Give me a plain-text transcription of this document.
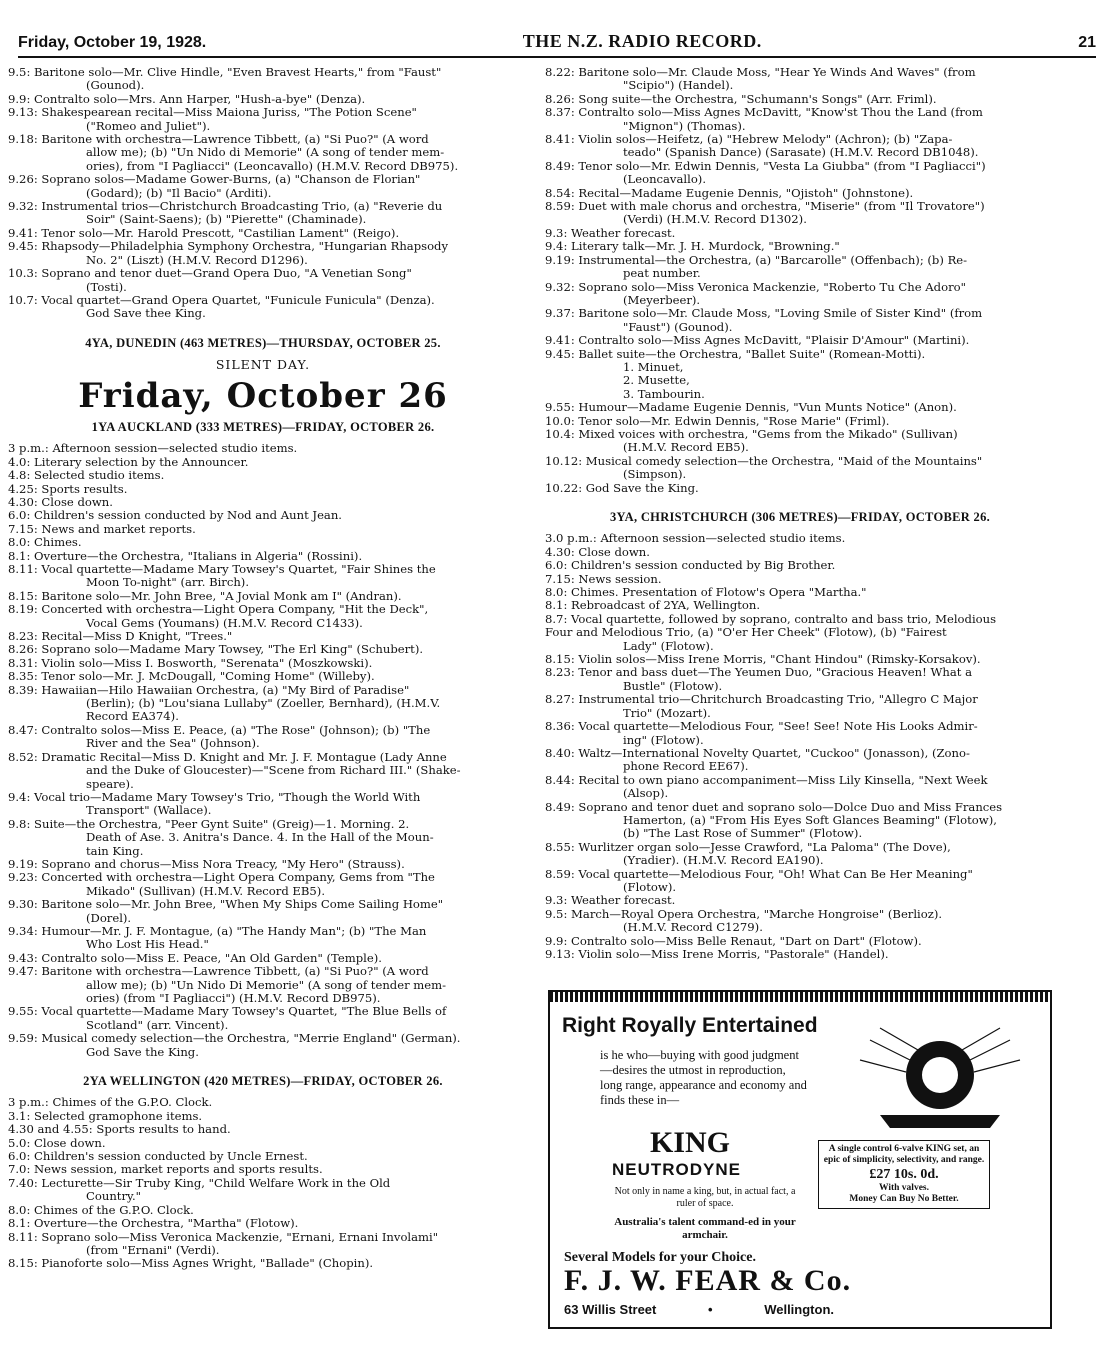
Friday, October 19, 1928.	THE N.Z. RADIO RECORD.	21

9.5: Baritone solo—Mr. Clive Hindle, "Even Bravest Hearts," from "Faust"

(Gounod).

9.9: Contralto solo—Mrs. Ann Harper, "Hush-a-bye" (Denza).

9.13: Shakespearean recital—Miss Maiona Juriss, "The Potion Scene"

("Romeo and Juliet").

9.18: Baritone with orchestra—Lawrence Tibbett, (a) "Si Puo?" (A word

allow me); (b) "Un Nido di Memorie" (A song of tender mem-

ories), from "I Pagliacci" (Leoncavallo) (H.M.V. Record DB975).

9.26: Soprano solos—Madame Gower-Burns, (a) "Chanson de Florian"

(Godard); (b) "Il Bacio" (Arditi).

9.32: Instrumental trios—Christchurch Broadcasting Trio, (a) "Reverie du

Soir" (Saint-Saens); (b) "Pierette" (Chaminade).

9.41: Tenor solo—Mr. Harold Prescott, "Castilian Lament" (Reigo).

9.45: Rhapsody—Philadelphia Symphony Orchestra, "Hungarian Rhapsody

No. 2" (Liszt) (H.M.V. Record D1296).

10.3: Soprano and tenor duet—Grand Opera Duo, "A Venetian Song"

(Tosti).

10.7: Vocal quartet—Grand Opera Quartet, "Funicule Funicula" (Denza).

God Save thee King.

4YA, DUNEDIN (463 METRES)—THURSDAY, OCTOBER 25.
SILENT DAY.
Friday, October 26
1YA AUCKLAND (333 METRES)—FRIDAY, OCTOBER 26.

3 p.m.: Afternoon session—selected studio items.

4.0: Literary selection by the Announcer.

4.8: Selected studio items.

4.25: Sports results.

4.30: Close down.

6.0: Children's session conducted by Nod and Aunt Jean.

7.15: News and market reports.

8.0: Chimes.

8.1: Overture—the Orchestra, "Italians in Algeria" (Rossini).

8.11: Vocal quartette—Madame Mary Towsey's Quartet, "Fair Shines the

Moon To-night" (arr. Birch).

8.15: Baritone solo—Mr. John Bree, "A Jovial Monk am I" (Andran).

8.19: Concerted with orchestra—Light Opera Company, "Hit the Deck",

Vocal Gems (Youmans) (H.M.V. Record C1433).

8.23: Recital—Miss D Knight, "Trees."

8.26: Soprano solo—Madame Mary Towsey, "The Erl King" (Schubert).

8.31: Violin solo—Miss I. Bosworth, "Serenata" (Moszkowski).

8.35: Tenor solo—Mr. J. McDougall, "Coming Home" (Willeby).

8.39: Hawaiian—Hilo Hawaiian Orchestra, (a) "My Bird of Paradise"

(Berlin); (b) "Lou'siana Lullaby" (Zoeller, Bernhard), (H.M.V.

Record EA374).

8.47: Contralto solos—Miss E. Peace, (a) "The Rose" (Johnson); (b) "The

River and the Sea" (Johnson).

8.52: Dramatic Recital—Miss D. Knight and Mr. J. F. Montague (Lady Anne

and the Duke of Gloucester)—"Scene from Richard III." (Shake-

speare).

9.4: Vocal trio—Madame Mary Towsey's Trio, "Though the World With

Transport" (Wallace).

9.8: Suite—the Orchestra, "Peer Gynt Suite" (Greig)—1. Morning. 2.

Death of Ase. 3. Anitra's Dance. 4. In the Hall of the Moun-

tain King.

9.19: Soprano and chorus—Miss Nora Treacy, "My Hero" (Strauss).

9.23: Concerted with orchestra—Light Opera Company, Gems from "The

Mikado" (Sullivan) (H.M.V. Record EB5).

9.30: Baritone solo—Mr. John Bree, "When My Ships Come Sailing Home"

(Dorel).

9.34: Humour—Mr. J. F. Montague, (a) "The Handy Man"; (b) "The Man

Who Lost His Head."

9.43: Contralto solo—Miss E. Peace, "An Old Garden" (Temple).

9.47: Baritone with orchestra—Lawrence Tibbett, (a) "Si Puo?" (A word

allow me); (b) "Un Nido Di Memorie" (A song of tender mem-

ories) (from "I Pagliacci") (H.M.V. Record DB975).

9.55: Vocal quartette—Madame Mary Towsey's Quartet, "The Blue Bells of

Scotland" (arr. Vincent).

9.59: Musical comedy selection—the Orchestra, "Merrie England" (German).

God Save the King.

2YA WELLINGTON (420 METRES)—FRIDAY, OCTOBER 26.

3 p.m.: Chimes of the G.P.O. Clock.

3.1: Selected gramophone items.

4.30 and 4.55: Sports results to hand.

5.0: Close down.

6.0: Children's session conducted by Uncle Ernest.

7.0: News session, market reports and sports results.

7.40: Lecturette—Sir Truby King, "Child Welfare Work in the Old

Country."

8.0: Chimes of the G.P.O. Clock.

8.1: Overture—the Orchestra, "Martha" (Flotow).

8.11: Soprano solo—Miss Veronica Mackenzie, "Ernani, Ernani Involami"

(from "Ernani" (Verdi).

8.15: Pianoforte solo—Miss Agnes Wright, "Ballade" (Chopin).

8.22: Baritone solo—Mr. Claude Moss, "Hear Ye Winds And Waves" (from

"Scipio") (Handel).

8.26: Song suite—the Orchestra, "Schumann's Songs" (Arr. Friml).

8.37: Contralto solo—Miss Agnes McDavitt, "Know'st Thou the Land (from

"Mignon") (Thomas).

8.41: Violin solos—Heifetz, (a) "Hebrew Melody" (Achron); (b) "Zapa-

teado" (Spanish Dance) (Sarasate) (H.M.V. Record DB1048).

8.49: Tenor solo—Mr. Edwin Dennis, "Vesta La Giubba" (from "I Pagliacci")

(Leoncavallo).

8.54: Recital—Madame Eugenie Dennis, "Ojistoh" (Johnstone).

8.59: Duet with male chorus and orchestra, "Miserie" (from "Il Trovatore")

(Verdi) (H.M.V. Record D1302).

9.3: Weather forecast.

9.4: Literary talk—Mr. J. H. Murdock, "Browning."

9.19: Instrumental—the Orchestra, (a) "Barcarolle" (Offenbach); (b) Re-

peat number.

9.32: Soprano solo—Miss Veronica Mackenzie, "Roberto Tu Che Adoro"

(Meyerbeer).

9.37: Baritone solo—Mr. Claude Moss, "Loving Smile of Sister Kind" (from

"Faust") (Gounod).

9.41: Contralto solo—Miss Agnes McDavitt, "Plaisir D'Amour" (Martini).

9.45: Ballet suite—the Orchestra, "Ballet Suite" (Romean-Motti).

1. Minuet,

2. Musette,

3. Tambourin.

9.55: Humour—Madame Eugenie Dennis, "Vun Munts Notice" (Anon).

10.0: Tenor solo—Mr. Edwin Dennis, "Rose Marie" (Friml).

10.4: Mixed voices with orchestra, "Gems from the Mikado" (Sullivan)

(H.M.V. Record EB5).

10.12: Musical comedy selection—the Orchestra, "Maid of the Mountains"

(Simpson).

10.22: God Save the King.

3YA, CHRISTCHURCH (306 METRES)—FRIDAY, OCTOBER 26.

3.0 p.m.: Afternoon session—selected studio items.

4.30: Close down.

6.0: Children's session conducted by Big Brother.

7.15: News session.

8.0: Chimes. Presentation of Flotow's Opera "Martha."

8.1: Rebroadcast of 2YA, Wellington.

8.7: Vocal quartette, followed by soprano, contralto and bass trio, Melodious

Four and Melodious Trio, (a) "O'er Her Cheek" (Flotow), (b) "Fairest

Lady" (Flotow).

8.15: Violin solos—Miss Irene Morris, "Chant Hindou" (Rimsky-Korsakov).

8.23: Tenor and bass duet—The Yeumen Duo, "Gracious Heaven! What a

Bustle" (Flotow).

8.27: Instrumental trio—Chritchurch Broadcasting Trio, "Allegro C Major

Trio" (Mozart).

8.36: Vocal quartette—Melodious Four, "See! See! Note His Looks Admir-

ing" (Flotow).

8.40: Waltz—International Novelty Quartet, "Cuckoo" (Jonasson), (Zono-

phone Record EE67).

8.44: Recital to own piano accompaniment—Miss Lily Kinsella, "Next Week

(Alsop).

8.49: Soprano and tenor duet and soprano solo—Dolce Duo and Miss Frances

Hamerton, (a) "From His Eyes Soft Glances Beaming" (Flotow),

(b) "The Last Rose of Summer" (Flotow).

8.55: Wurlitzer organ solo—Jesse Crawford, "La Paloma" (The Dove),

(Yradier). (H.M.V. Record EA190).

8.59: Vocal quartette—Melodious Four, "Oh! What Can Be Her Meaning"

(Flotow).

9.3: Weather forecast.

9.5: March—Royal Opera Orchestra, "Marche Hongroise" (Berlioz).

(H.M.V. Record C1279).

9.9: Contralto solo—Miss Belle Renaut, "Dart on Dart" (Flotow).

9.13: Violin solo—Miss Irene Morris, "Pastorale" (Handel).

Right Royally Entertained
is he who—buying with good judgment—desires the utmost in reproduction, long range, appearance and economy and finds these in—
KING
NEUTRODYNE
Not only in name a king, but, in actual fact, a ruler of space.
Australia's talent command-ed in your armchair.
A single control 6-valve KING set, an epic of simplicity, selectivity, and range.
£27 10s. 0d.
With valves.
Money Can Buy No Better.
Several Models for your Choice.
F. J. W. FEAR & Co.
63 Willis Street	•	Wellington.
